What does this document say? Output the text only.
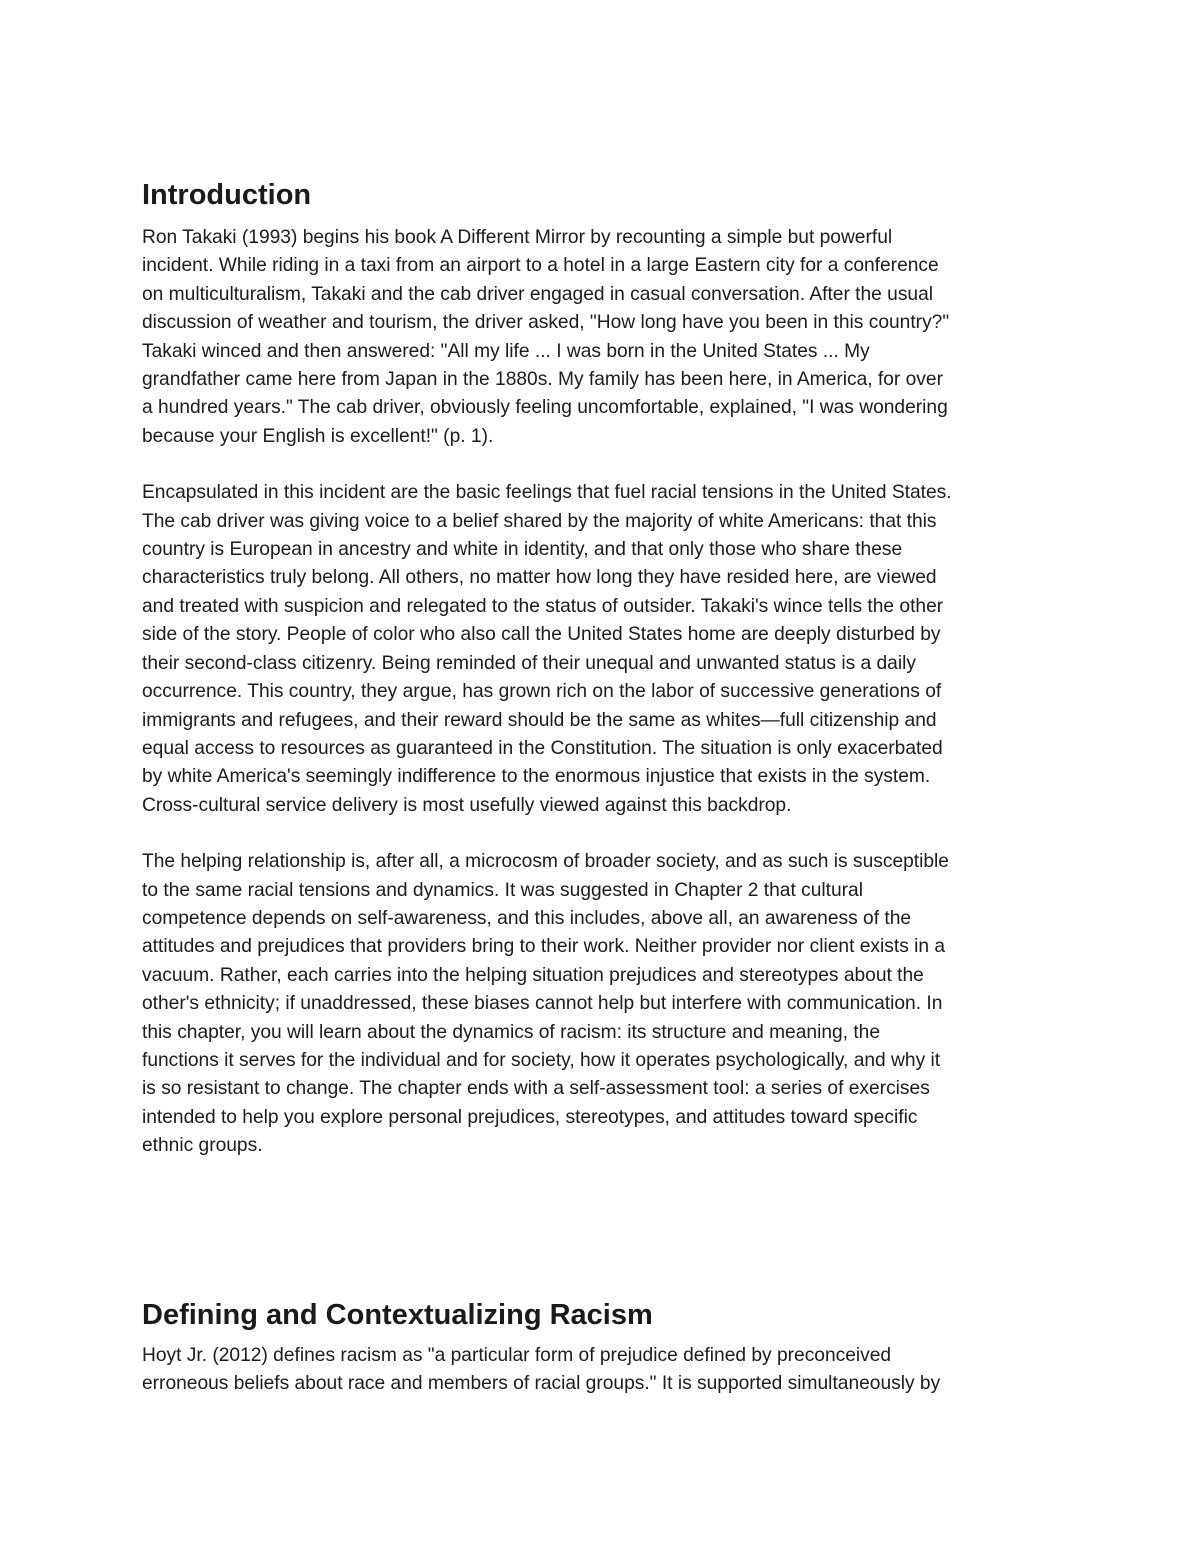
Introduction

Ron Takaki (1993) begins his book A Different Mirror by recounting a simple but powerful
incident. While riding in a taxi from an airport to a hotel in a large Eastern city for a conference
on multiculturalism, Takaki and the cab driver engaged in casual conversation. After the usual
discussion of weather and tourism, the driver asked, "How long have you been in this country?"
Takaki winced and then answered: "All my life ... I was born in the United States ... My
grandfather came here from Japan in the 1880s. My family has been here, in America, for over
a hundred years." The cab driver, obviously feeling uncomfortable, explained, "I was wondering
because your English is excellent!" (p. 1).

Encapsulated in this incident are the basic feelings that fuel racial tensions in the United States.
The cab driver was giving voice to a belief shared by the majority of white Americans: that this
country is European in ancestry and white in identity, and that only those who share these
characteristics truly belong. All others, no matter how long they have resided here, are viewed
and treated with suspicion and relegated to the status of outsider. Takaki's wince tells the other
side of the story. People of color who also call the United States home are deeply disturbed by
their second-class citizenry. Being reminded of their unequal and unwanted status is a daily
occurrence. This country, they argue, has grown rich on the labor of successive generations of
immigrants and refugees, and their reward should be the same as whites—full citizenship and
equal access to resources as guaranteed in the Constitution. The situation is only exacerbated
by white America's seemingly indifference to the enormous injustice that exists in the system.
Cross-cultural service delivery is most usefully viewed against this backdrop.

The helping relationship is, after all, a microcosm of broader society, and as such is susceptible
to the same racial tensions and dynamics. It was suggested in Chapter 2 that cultural
competence depends on self-awareness, and this includes, above all, an awareness of the
attitudes and prejudices that providers bring to their work. Neither provider nor client exists in a
vacuum. Rather, each carries into the helping situation prejudices and stereotypes about the
other's ethnicity; if unaddressed, these biases cannot help but interfere with communication. In
this chapter, you will learn about the dynamics of racism: its structure and meaning, the
functions it serves for the individual and for society, how it operates psychologically, and why it
is so resistant to change. The chapter ends with a self-assessment tool: a series of exercises
intended to help you explore personal prejudices, stereotypes, and attitudes toward specific
ethnic groups.

Defining and Contextualizing Racism

Hoyt Jr. (2012) defines racism as "a particular form of prejudice defined by preconceived
erroneous beliefs about race and members of racial groups." It is supported simultaneously by
